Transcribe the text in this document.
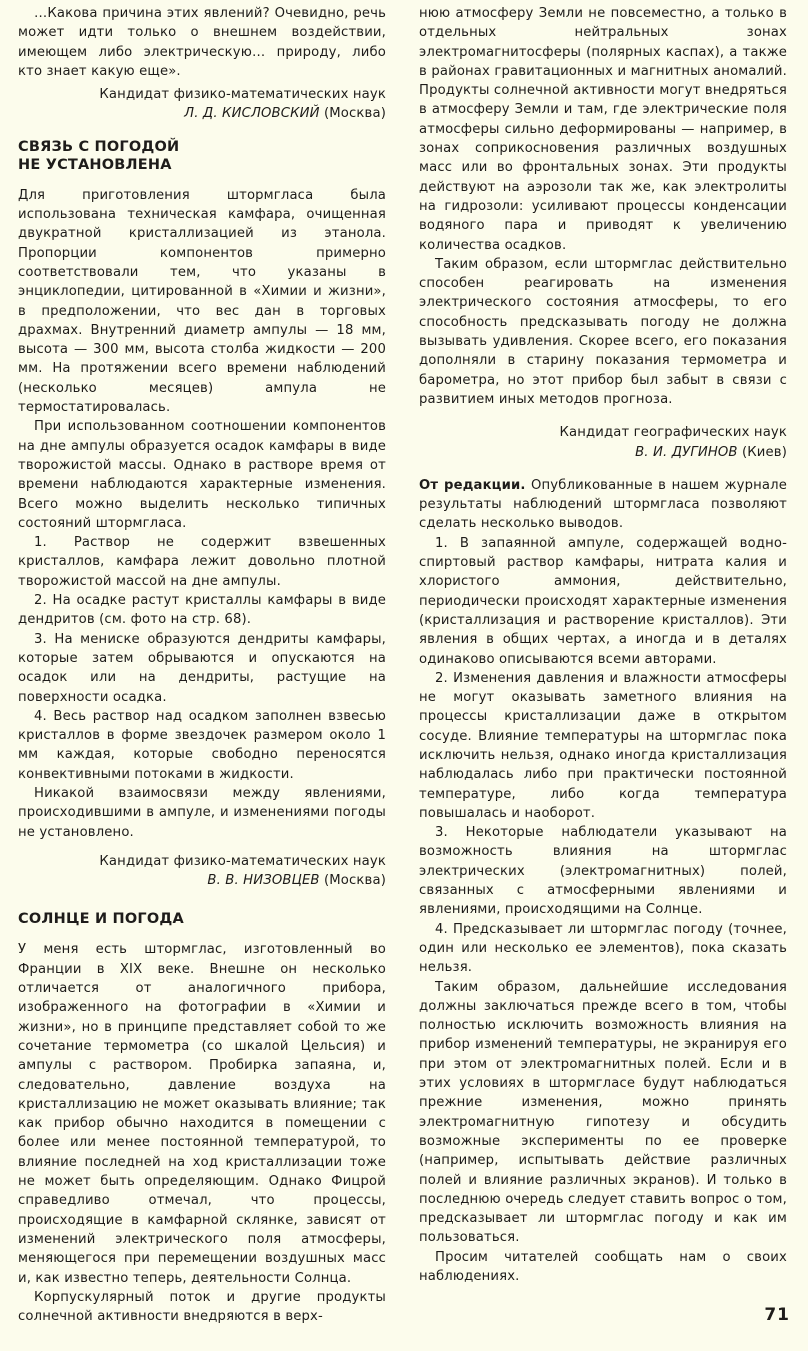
…Какова причина этих явлений? Очевидно, речь может идти только о внешнем воздействии, имеющем либо электрическую… природу, либо кто знает какую еще».

Кандидат физико-математических наук
Л. Д. КИСЛОВСКИЙ (Москва)
СВЯЗЬ С ПОГОДОЙ
НЕ УСТАНОВЛЕНА

Для приготовления штормгласа была использована техническая камфара, очищенная двукратной кристаллизацией из этанола. Пропорции компонентов примерно соответствовали тем, что указаны в энциклопедии, цитированной в «Химии и жизни», в предположении, что вес дан в торговых драхмах. Внутренний диаметр ампулы — 18 мм, высота — 300 мм, высота столба жидкости — 200 мм. На протяжении всего времени наблюдений (несколько месяцев) ампула не термостатировалась.

При использованном соотношении компонентов на дне ампулы образуется осадок камфары в виде творожистой массы. Однако в растворе время от времени наблюдаются характерные изменения. Всего можно выделить несколько типичных состояний штормгласа.

1. Раствор не содержит взвешенных кристаллов, камфара лежит довольно плотной творожистой массой на дне ампулы.

2. На осадке растут кристаллы камфары в виде дендритов (см. фото на стр. 68).

3. На мениске образуются дендриты камфары, которые затем обрываются и опускаются на осадок или на дендриты, растущие на поверхности осадка.

4. Весь раствор над осадком заполнен взвесью кристаллов в форме звездочек размером около 1 мм каждая, которые свободно переносятся конвективными потоками в жидкости.

Никакой взаимосвязи между явлениями, происходившими в ампуле, и изменениями погоды не установлено.

Кандидат физико-математических наук
В. В. НИЗОВЦЕВ (Москва)
СОЛНЦЕ И ПОГОДА

У меня есть штормглас, изготовленный во Франции в XIX веке. Внешне он несколько отличается от аналогичного прибора, изображенного на фотографии в «Химии и жизни», но в принципе представляет собой то же сочетание термометра (со шкалой Цельсия) и ампулы с раствором. Пробирка запаяна, и, следовательно, давление воздуха на кристаллизацию не может оказывать влияние; так как прибор обычно находится в помещении с более или менее постоянной температурой, то влияние последней на ход кристаллизации тоже не может быть определяющим. Однако Фицрой справедливо отмечал, что процессы, происходящие в камфарной склянке, зависят от изменений электрического поля атмосферы, меняющегося при перемещении воздушных масс и, как известно теперь, деятельности Солнца.

Корпускулярный поток и другие продукты солнечной активности внедряются в верх-

нюю атмосферу Земли не повсеместно, а только в отдельных нейтральных зонах электромагнитосферы (полярных каспах), а также в районах гравитационных и магнитных аномалий. Продукты солнечной активности могут внедряться в атмосферу Земли и там, где электрические поля атмосферы сильно деформированы — например, в зонах соприкосновения различных воздушных масс или во фронтальных зонах. Эти продукты действуют на аэрозоли так же, как электролиты на гидрозоли: усиливают процессы конденсации водяного пара и приводят к увеличению количества осадков.

Таким образом, если штормглас действительно способен реагировать на изменения электрического состояния атмосферы, то его способность предсказывать погоду не должна вызывать удивления. Скорее всего, его показания дополняли в старину показания термометра и барометра, но этот прибор был забыт в связи с развитием иных методов прогноза.

Кандидат географических наук
В. И. ДУГИНОВ (Киев)

От редакции. Опубликованные в нашем журнале результаты наблюдений штормгласа позволяют сделать несколько выводов.

1. В запаянной ампуле, содержащей водно-спиртовый раствор камфары, нитрата калия и хлористого аммония, действительно, периодически происходят характерные изменения (кристаллизация и растворение кристаллов). Эти явления в общих чертах, а иногда и в деталях одинаково описываются всеми авторами.

2. Изменения давления и влажности атмосферы не могут оказывать заметного влияния на процессы кристаллизации даже в открытом сосуде. Влияние температуры на штормглас пока исключить нельзя, однако иногда кристаллизация наблюдалась либо при практически постоянной температуре, либо когда температура повышалась и наоборот.

3. Некоторые наблюдатели указывают на возможность влияния на штормглас электрических (электромагнитных) полей, связанных с атмосферными явлениями и явлениями, происходящими на Солнце.

4. Предсказывает ли штормглас погоду (точнее, один или несколько ее элементов), пока сказать нельзя.

Таким образом, дальнейшие исследования должны заключаться прежде всего в том, чтобы полностью исключить возможность влияния на прибор изменений температуры, не экранируя его при этом от электромагнитных полей. Если и в этих условиях в штормгласе будут наблюдаться прежние изменения, можно принять электромагнитную гипотезу и обсудить возможные эксперименты по ее проверке (например, испытывать действие различных полей и влияние различных экранов). И только в последнюю очередь следует ставить вопрос о том, предсказывает ли штормглас погоду и как им пользоваться.

Просим читателей сообщать нам о своих наблюдениях.

71
